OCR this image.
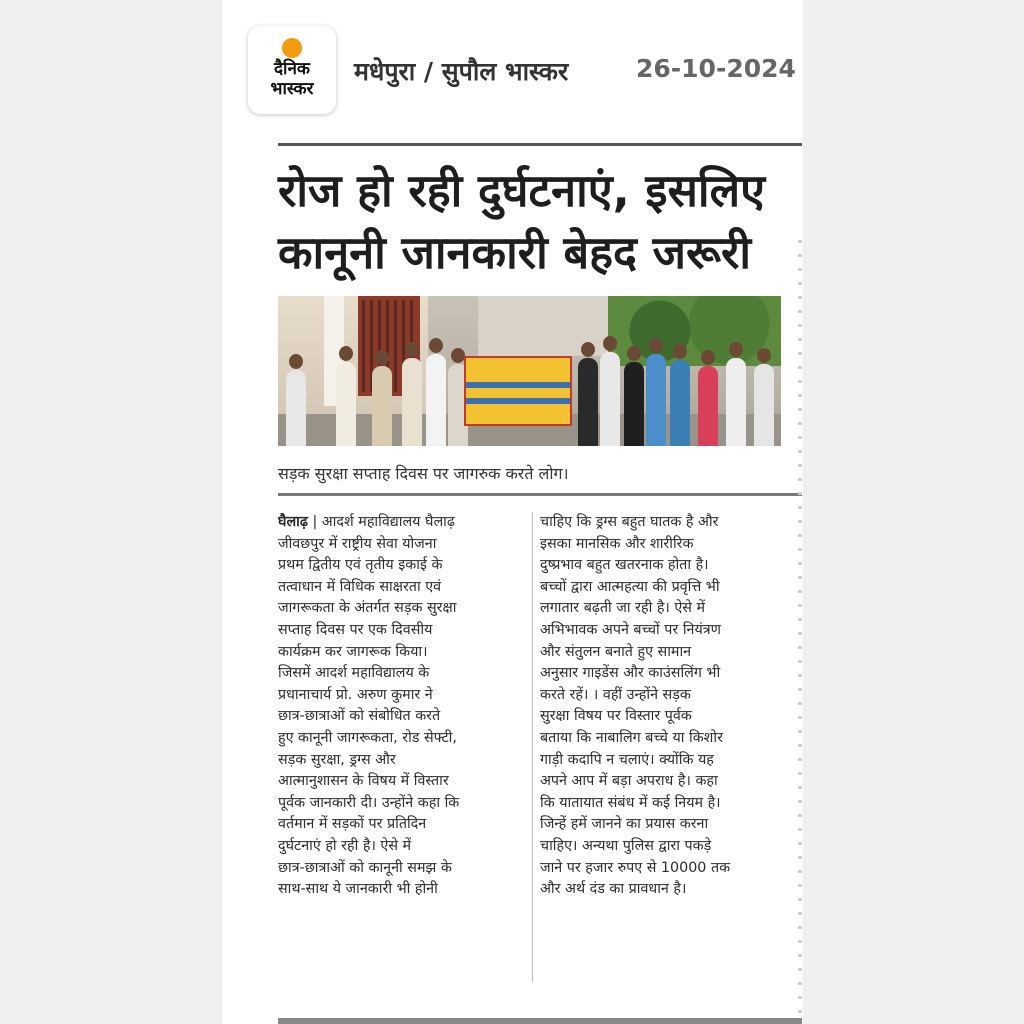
दैनिक
भास्कर
मधेपुरा / सुपौल भास्कर	26-10-2024
रोज हो रही दुर्घटनाएं, इसलिए
कानूनी जानकारी बेहद जरूरी
सड़क सुरक्षा सप्ताह दिवस पर जागरुक करते लोग।
घैलाढ़ | आदर्श महाविद्यालय घैलाढ़
जीवछपुर में राष्ट्रीय सेवा योजना
प्रथम द्वितीय एवं तृतीय इकाई के
तत्वाधान में विधिक साक्षरता एवं
जागरूकता के अंतर्गत सड़क सुरक्षा
सप्ताह दिवस पर एक दिवसीय
कार्यक्रम कर जागरूक किया।
जिसमें आदर्श महाविद्यालय के
प्रधानाचार्य प्रो. अरुण कुमार ने
छात्र-छात्राओं को संबोधित करते
हुए कानूनी जागरूकता, रोड सेफ्टी,
सड़क सुरक्षा, ड्रग्स और
आत्मानुशासन के विषय में विस्तार
पूर्वक जानकारी दी। उन्होंने कहा कि
वर्तमान में सड़कों पर प्रतिदिन
दुर्घटनाएं हो रही है। ऐसे में
छात्र-छात्राओं को कानूनी समझ के
साथ-साथ ये जानकारी भी होनी
चाहिए कि ड्रग्स बहुत घातक है और
इसका मानसिक और शारीरिक
दुष्प्रभाव बहुत खतरनाक होता है।
बच्चों द्वारा आत्महत्या की प्रवृत्ति भी
लगातार बढ़ती जा रही है। ऐसे में
अभिभावक अपने बच्चों पर नियंत्रण
और संतुलन बनाते हुए सामान
अनुसार गाइडेंस और काउंसलिंग भी
करते रहें। । वहीं उन्होंने सड़क
सुरक्षा विषय पर विस्तार पूर्वक
बताया कि नाबालिग बच्चे या किशोर
गाड़ी कदापि न चलाएं। क्योंकि यह
अपने आप में बड़ा अपराध है। कहा
कि यातायात संबंध में कई नियम है।
जिन्हें हमें जानने का प्रयास करना
चाहिए। अन्यथा पुलिस द्वारा पकड़े
जाने पर हजार रुपए से 10000 तक
और अर्थ दंड का प्रावधान है।
